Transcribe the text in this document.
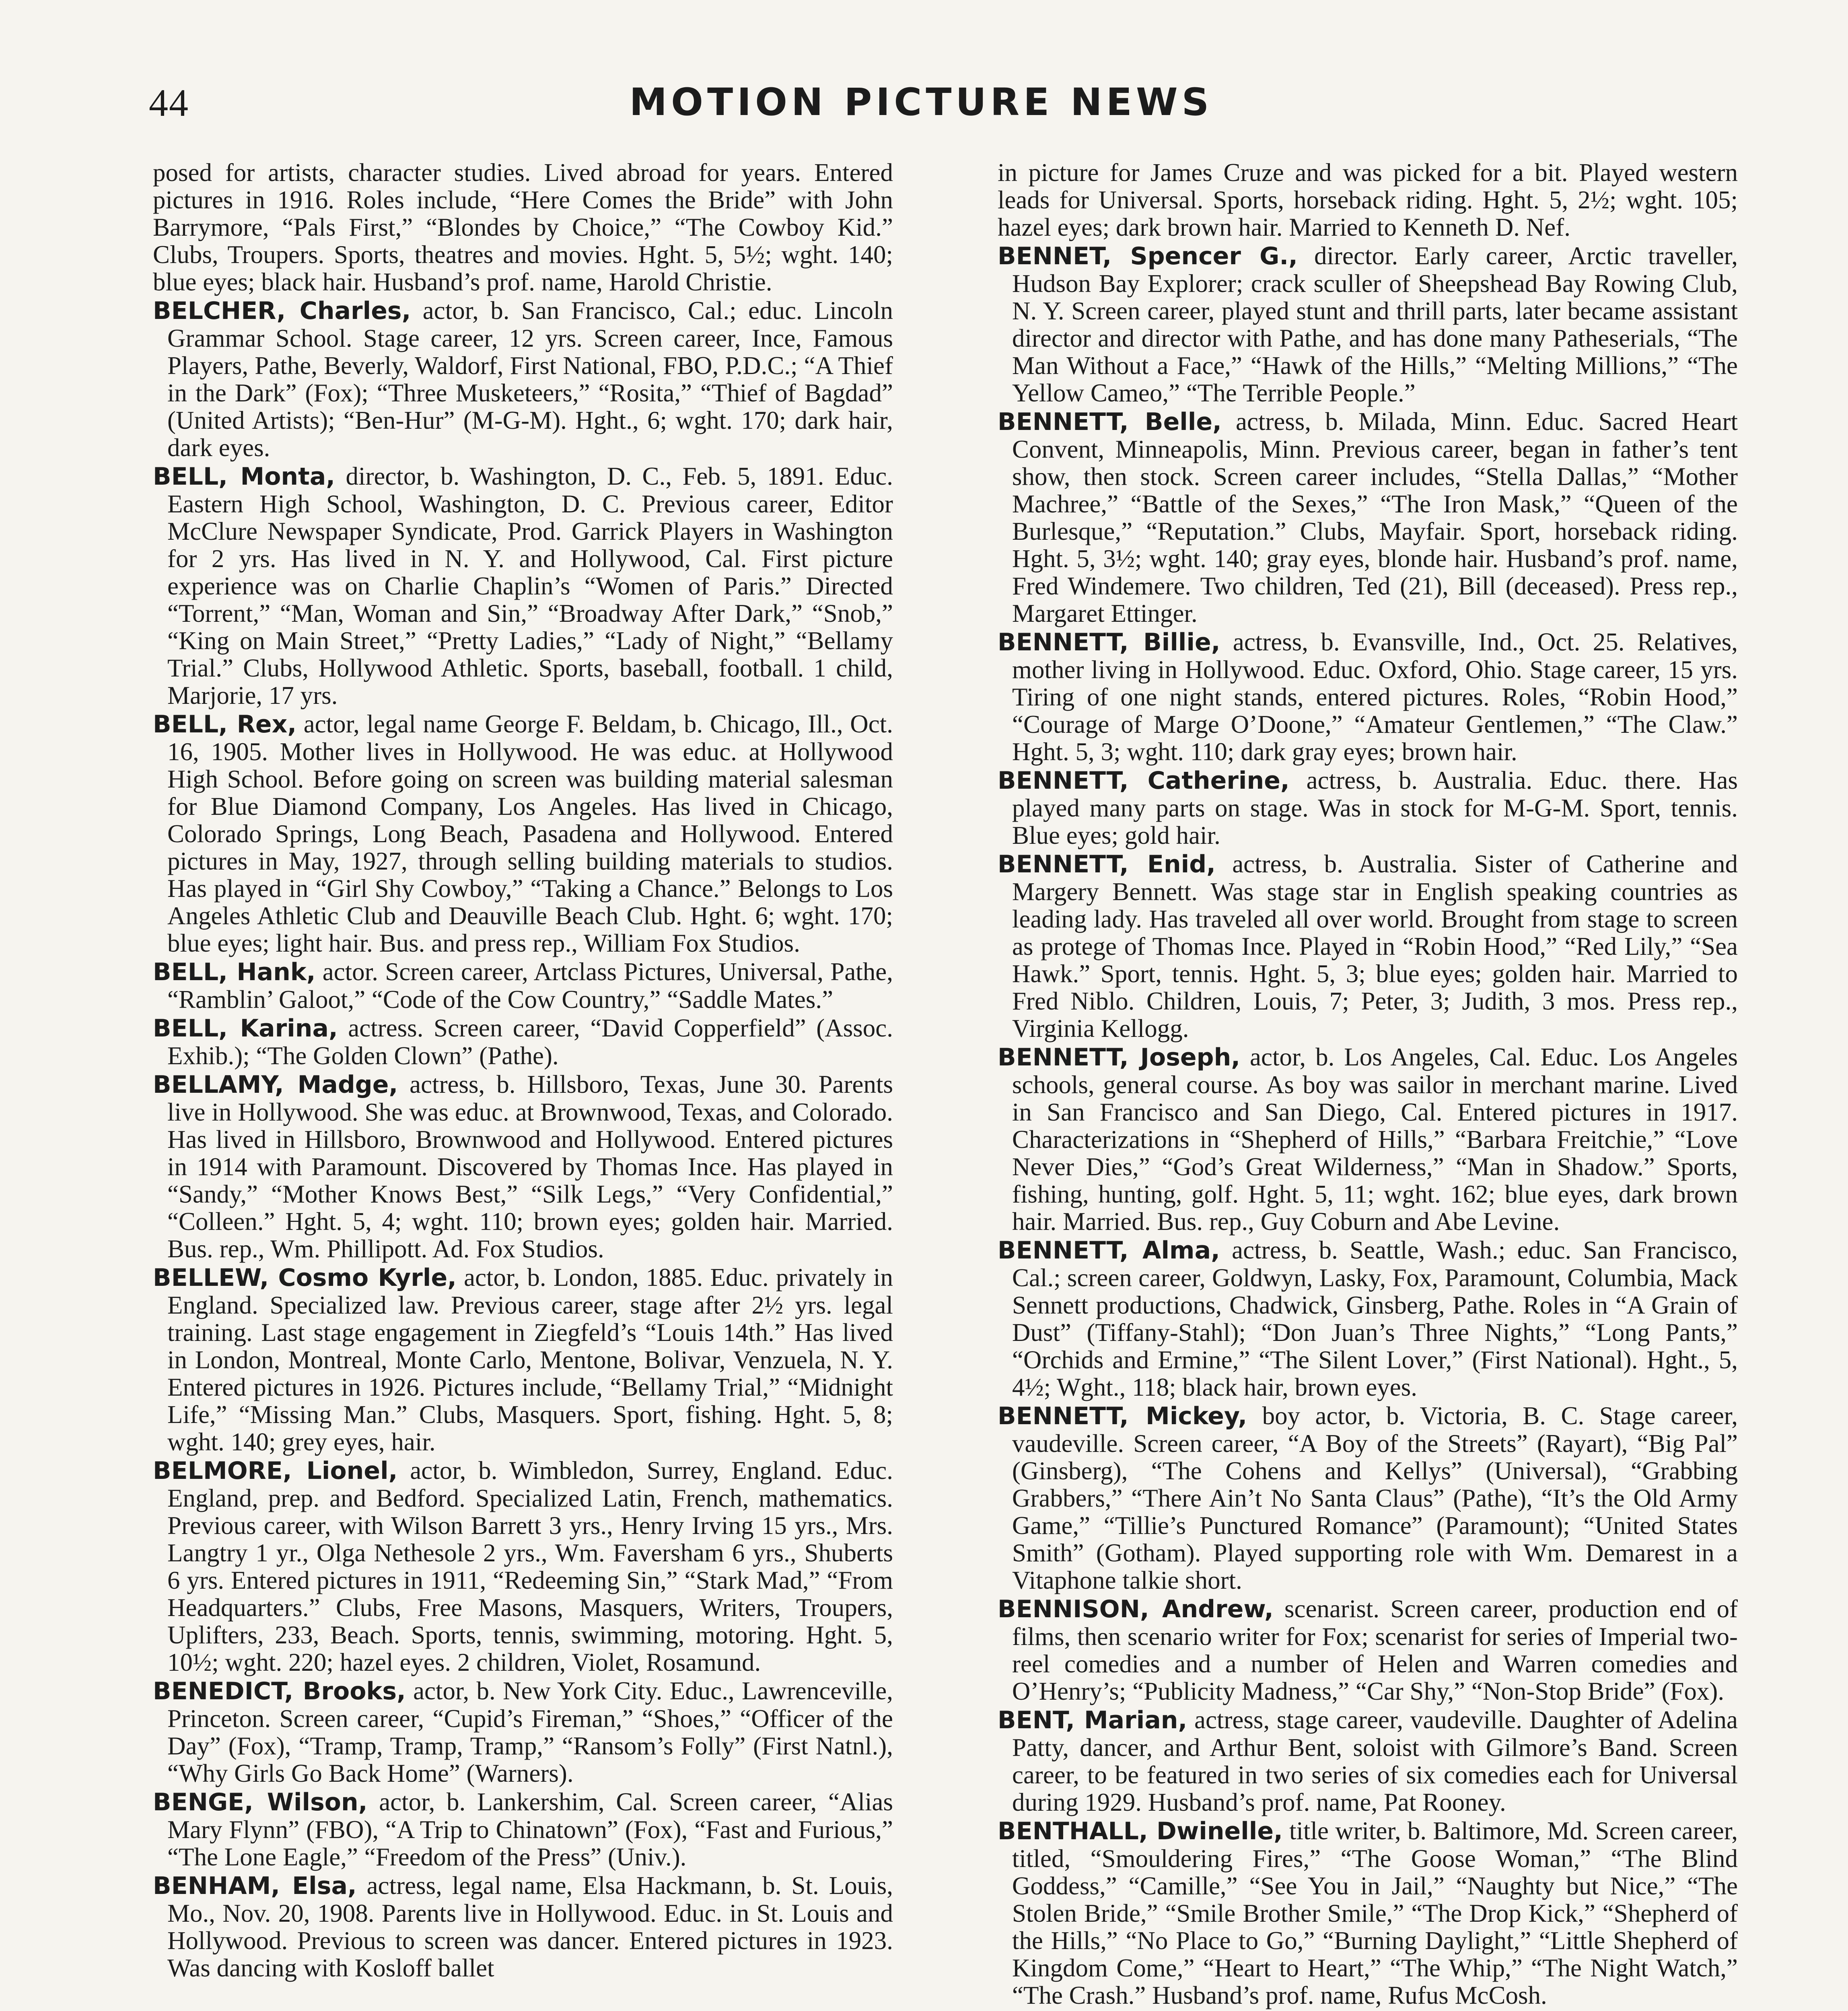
44	MOTION PICTURE NEWS

posed for artists, character studies. Lived abroad for years. Entered pictures in 1916. Roles include, “Here Comes the Bride” with John Barrymore, “Pals First,” “Blondes by Choice,” “The Cowboy Kid.” Clubs, Troupers. Sports, theatres and movies. Hght. 5, 5½; wght. 140; blue eyes; black hair. Husband’s prof. name, Harold Christie.

BELCHER, Charles, actor, b. San Francisco, Cal.; educ. Lincoln Grammar School. Stage career, 12 yrs. Screen career, Ince, Famous Players, Pathe, Beverly, Waldorf, First National, FBO, P.D.C.; “A Thief in the Dark” (Fox); “Three Musketeers,” “Rosita,” “Thief of Bagdad” (United Artists); “Ben-Hur” (M-G-M). Hght., 6; wght. 170; dark hair, dark eyes.

BELL, Monta, director, b. Washington, D. C., Feb. 5, 1891. Educ. Eastern High School, Washington, D. C. Previous career, Editor McClure Newspaper Syndicate, Prod. Garrick Players in Washington for 2 yrs. Has lived in N. Y. and Hollywood, Cal. First picture experience was on Charlie Chaplin’s “Women of Paris.” Directed “Torrent,” “Man, Woman and Sin,” “Broadway After Dark,” “Snob,” “King on Main Street,” “Pretty Ladies,” “Lady of Night,” “Bellamy Trial.” Clubs, Hollywood Athletic. Sports, baseball, football. 1 child, Marjorie, 17 yrs.

BELL, Rex, actor, legal name George F. Beldam, b. Chicago, Ill., Oct. 16, 1905. Mother lives in Hollywood. He was educ. at Hollywood High School. Before going on screen was building material salesman for Blue Diamond Company, Los Angeles. Has lived in Chicago, Colorado Springs, Long Beach, Pasadena and Hollywood. Entered pictures in May, 1927, through selling building materials to studios. Has played in “Girl Shy Cowboy,” “Taking a Chance.” Belongs to Los Angeles Athletic Club and Deauville Beach Club. Hght. 6; wght. 170; blue eyes; light hair. Bus. and press rep., William Fox Studios.

BELL, Hank, actor. Screen career, Artclass Pictures, Universal, Pathe, “Ramblin’ Galoot,” “Code of the Cow Country,” “Saddle Mates.”

BELL, Karina, actress. Screen career, “David Copperfield” (Assoc. Exhib.); “The Golden Clown” (Pathe).

BELLAMY, Madge, actress, b. Hillsboro, Texas, June 30. Parents live in Hollywood. She was educ. at Brownwood, Texas, and Colorado. Has lived in Hillsboro, Brownwood and Hollywood. Entered pictures in 1914 with Paramount. Discovered by Thomas Ince. Has played in “Sandy,” “Mother Knows Best,” “Silk Legs,” “Very Confidential,” “Colleen.” Hght. 5, 4; wght. 110; brown eyes; golden hair. Married. Bus. rep., Wm. Phillipott. Ad. Fox Studios.

BELLEW, Cosmo Kyrle, actor, b. London, 1885. Educ. privately in England. Specialized law. Previous career, stage after 2½ yrs. legal training. Last stage engagement in Ziegfeld’s “Louis 14th.” Has lived in London, Montreal, Monte Carlo, Mentone, Bolivar, Venzuela, N. Y. Entered pictures in 1926. Pictures include, “Bellamy Trial,” “Midnight Life,” “Missing Man.” Clubs, Masquers. Sport, fishing. Hght. 5, 8; wght. 140; grey eyes, hair.

BELMORE, Lionel, actor, b. Wimbledon, Surrey, England. Educ. England, prep. and Bedford. Specialized Latin, French, mathematics. Previous career, with Wilson Barrett 3 yrs., Henry Irving 15 yrs., Mrs. Langtry 1 yr., Olga Nethesole 2 yrs., Wm. Faversham 6 yrs., Shuberts 6 yrs. Entered pictures in 1911, “Redeeming Sin,” “Stark Mad,” “From Headquarters.” Clubs, Free Masons, Masquers, Writers, Troupers, Uplifters, 233, Beach. Sports, tennis, swimming, motoring. Hght. 5, 10½; wght. 220; hazel eyes. 2 children, Violet, Rosamund.

BENEDICT, Brooks, actor, b. New York City. Educ., Lawrenceville, Princeton. Screen career, “Cupid’s Fireman,” “Shoes,” “Officer of the Day” (Fox), “Tramp, Tramp, Tramp,” “Ransom’s Folly” (First Natnl.), “Why Girls Go Back Home” (Warners).

BENGE, Wilson, actor, b. Lankershim, Cal. Screen career, “Alias Mary Flynn” (FBO), “A Trip to Chinatown” (Fox), “Fast and Furious,” “The Lone Eagle,” “Freedom of the Press” (Univ.).

BENHAM, Elsa, actress, legal name, Elsa Hackmann, b. St. Louis, Mo., Nov. 20, 1908. Parents live in Hollywood. Educ. in St. Louis and Hollywood. Previous to screen was dancer. Entered pictures in 1923. Was dancing with Kosloff ballet

in picture for James Cruze and was picked for a bit. Played western leads for Universal. Sports, horseback riding. Hght. 5, 2½; wght. 105; hazel eyes; dark brown hair. Married to Kenneth D. Nef.

BENNET, Spencer G., director. Early career, Arctic traveller, Hudson Bay Explorer; crack sculler of Sheepshead Bay Rowing Club, N. Y. Screen career, played stunt and thrill parts, later became assistant director and director with Pathe, and has done many Patheserials, “The Man Without a Face,” “Hawk of the Hills,” “Melting Millions,” “The Yellow Cameo,” “The Terrible People.”

BENNETT, Belle, actress, b. Milada, Minn. Educ. Sacred Heart Convent, Minneapolis, Minn. Previous career, began in father’s tent show, then stock. Screen career includes, “Stella Dallas,” “Mother Machree,” “Battle of the Sexes,” “The Iron Mask,” “Queen of the Burlesque,” “Reputation.” Clubs, Mayfair. Sport, horseback riding. Hght. 5, 3½; wght. 140; gray eyes, blonde hair. Husband’s prof. name, Fred Windemere. Two children, Ted (21), Bill (deceased). Press rep., Margaret Ettinger.

BENNETT, Billie, actress, b. Evansville, Ind., Oct. 25. Relatives, mother living in Hollywood. Educ. Oxford, Ohio. Stage career, 15 yrs. Tiring of one night stands, entered pictures. Roles, “Robin Hood,” “Courage of Marge O’Doone,” “Amateur Gentlemen,” “The Claw.” Hght. 5, 3; wght. 110; dark gray eyes; brown hair.

BENNETT, Catherine, actress, b. Australia. Educ. there. Has played many parts on stage. Was in stock for M-G-M. Sport, tennis. Blue eyes; gold hair.

BENNETT, Enid, actress, b. Australia. Sister of Catherine and Margery Bennett. Was stage star in English speaking countries as leading lady. Has traveled all over world. Brought from stage to screen as protege of Thomas Ince. Played in “Robin Hood,” “Red Lily,” “Sea Hawk.” Sport, tennis. Hght. 5, 3; blue eyes; golden hair. Married to Fred Niblo. Children, Louis, 7; Peter, 3; Judith, 3 mos. Press rep., Virginia Kellogg.

BENNETT, Joseph, actor, b. Los Angeles, Cal. Educ. Los Angeles schools, general course. As boy was sailor in merchant marine. Lived in San Francisco and San Diego, Cal. Entered pictures in 1917. Characterizations in “Shepherd of Hills,” “Barbara Freitchie,” “Love Never Dies,” “God’s Great Wilderness,” “Man in Shadow.” Sports, fishing, hunting, golf. Hght. 5, 11; wght. 162; blue eyes, dark brown hair. Married. Bus. rep., Guy Coburn and Abe Levine.

BENNETT, Alma, actress, b. Seattle, Wash.; educ. San Francisco, Cal.; screen career, Goldwyn, Lasky, Fox, Paramount, Columbia, Mack Sennett productions, Chadwick, Ginsberg, Pathe. Roles in “A Grain of Dust” (Tiffany-Stahl); “Don Juan’s Three Nights,” “Long Pants,” “Orchids and Ermine,” “The Silent Lover,” (First National). Hght., 5, 4½; Wght., 118; black hair, brown eyes.

BENNETT, Mickey, boy actor, b. Victoria, B. C. Stage career, vaudeville. Screen career, “A Boy of the Streets” (Rayart), “Big Pal” (Ginsberg), “The Cohens and Kellys” (Universal), “Grabbing Grabbers,” “There Ain’t No Santa Claus” (Pathe), “It’s the Old Army Game,” “Tillie’s Punctured Romance” (Paramount); “United States Smith” (Gotham). Played supporting role with Wm. Demarest in a Vitaphone talkie short.

BENNISON, Andrew, scenarist. Screen career, production end of films, then scenario writer for Fox; scenarist for series of Imperial two-reel comedies and a number of Helen and Warren comedies and O’Henry’s; “Publicity Madness,” “Car Shy,” “Non-Stop Bride” (Fox).

BENT, Marian, actress, stage career, vaudeville. Daughter of Adelina Patty, dancer, and Arthur Bent, soloist with Gilmore’s Band. Screen career, to be featured in two series of six comedies each for Universal during 1929. Husband’s prof. name, Pat Rooney.

BENTHALL, Dwinelle, title writer, b. Baltimore, Md. Screen career, titled, “Smouldering Fires,” “The Goose Woman,” “The Blind Goddess,” “Camille,” “See You in Jail,” “Naughty but Nice,” “The Stolen Bride,” “Smile Brother Smile,” “The Drop Kick,” “Shepherd of the Hills,” “No Place to Go,” “Burning Daylight,” “Little Shepherd of Kingdom Come,” “Heart to Heart,” “The Whip,” “The Night Watch,” “The Crash.” Husband’s prof. name, Rufus McCosh.
